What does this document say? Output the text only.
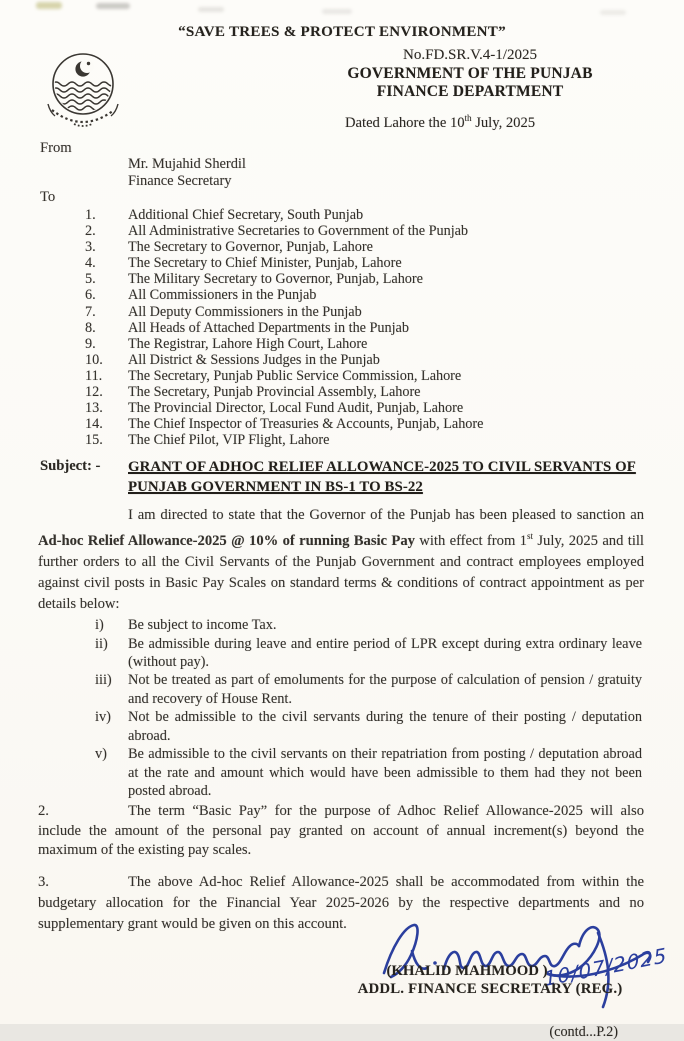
“SAVE TREES & PROTECT ENVIRONMENT”
No.FD.SR.V.4-1/2025
GOVERNMENT OF THE PUNJAB
FINANCE DEPARTMENT
Dated Lahore the 10th July, 2025
From
Mr. Mujahid Sherdil
Finance Secretary
To
1.	Additional Chief Secretary, South Punjab
2.	All Administrative Secretaries to Government of the Punjab
3.	The Secretary to Governor, Punjab, Lahore
4.	The Secretary to Chief Minister, Punjab, Lahore
5.	The Military Secretary to Governor, Punjab, Lahore
6.	All Commissioners in the Punjab
7.	All Deputy Commissioners in the Punjab
8.	All Heads of Attached Departments in the Punjab
9.	The Registrar, Lahore High Court, Lahore
10.	All District & Sessions Judges in the Punjab
11.	The Secretary, Punjab Public Service Commission, Lahore
12.	The Secretary, Punjab Provincial Assembly, Lahore
13.	The Provincial Director, Local Fund Audit, Punjab, Lahore
14.	The Chief Inspector of Treasuries & Accounts, Punjab, Lahore
15.	The Chief Pilot, VIP Flight, Lahore
Subject: -	GRANT OF ADHOC RELIEF ALLOWANCE-2025 TO CIVIL SERVANTS OF PUNJAB GOVERNMENT IN BS-1 TO BS-22

I am directed to state that the Governor of the Punjab has been pleased to sanction an Ad-hoc Relief Allowance-2025 @ 10% of running Basic Pay with effect from 1st July, 2025 and till further orders to all the Civil Servants of the Punjab Government and contract employees employed against civil posts in Basic Pay Scales on standard terms & conditions of contract appointment as per details below:

i)	Be subject to income Tax.
ii)	Be admissible during leave and entire period of LPR except during extra ordinary leave (without pay).
iii)	Not be treated as part of emoluments for the purpose of calculation of pension / gratuity and recovery of House Rent.
iv)	Not be admissible to the civil servants during the tenure of their posting / deputation abroad.
v)	Be admissible to the civil servants on their repatriation from posting / deputation abroad at the rate and amount which would have been admissible to them had they not been posted abroad.

2.	The term “Basic Pay” for the purpose of Adhoc Relief Allowance-2025 will also include the amount of the personal pay granted on account of annual increment(s) beyond the maximum of the existing pay scales.

3.	The above Ad-hoc Relief Allowance-2025 shall be accommodated from within the budgetary allocation for the Financial Year 2025-2026 by the respective departments and no supplementary grant would be given on this account.

10/07/2025
(KHALID MAHMOOD )
ADDL. FINANCE SECRETARY (REG.)
(contd...P.2)
